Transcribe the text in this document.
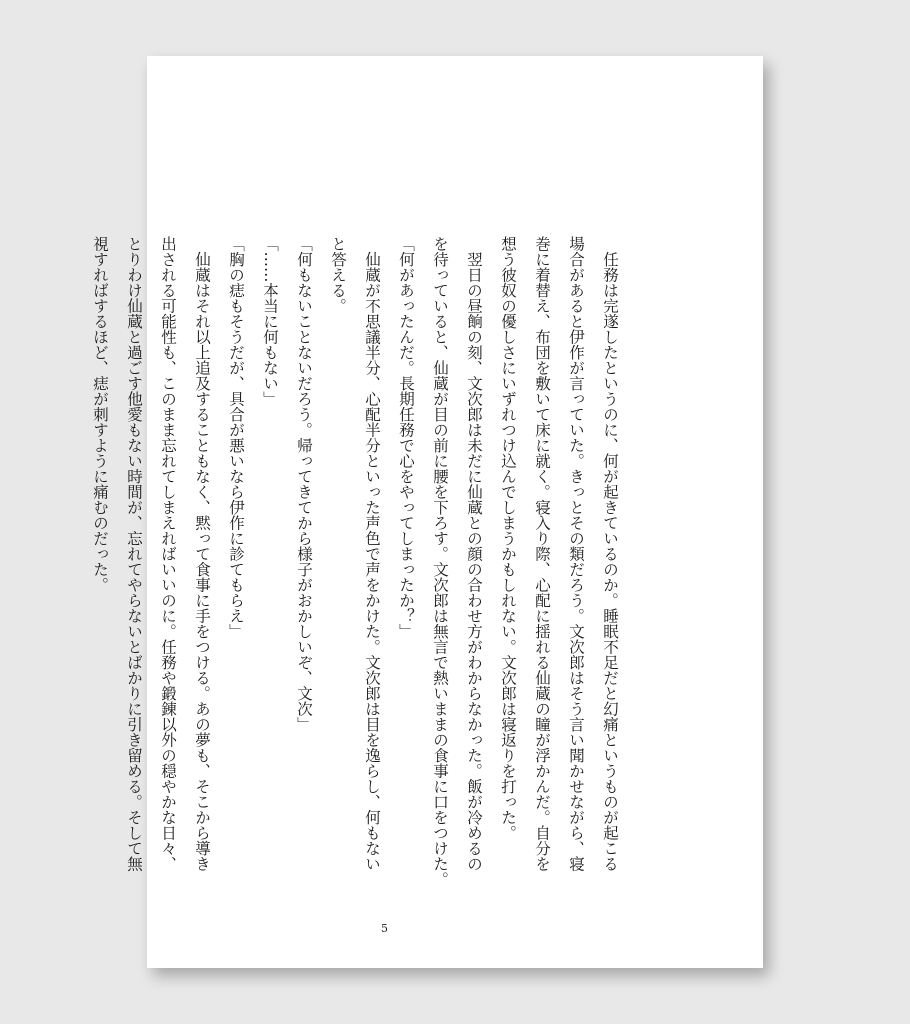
　任務は完遂したというのに、何が起きているのか。睡眠不足だと幻痛というものが起こる
場合があると伊作が言っていた。きっとその類だろう。文次郎はそう言い聞かせながら、寝
巻に着替え、布団を敷いて床に就く。寝入り際、心配に揺れる仙蔵の瞳が浮かんだ。自分を
想う彼奴の優しさにいずれつけ込んでしまうかもしれない。文次郎は寝返りを打った。
　翌日の昼餉の刻、文次郎は未だに仙蔵との顔の合わせ方がわからなかった。飯が冷めるの
を待っていると、仙蔵が目の前に腰を下ろす。文次郎は無言で熱いままの食事に口をつけた。
「何があったんだ。長期任務で心をやってしまったか？」
　仙蔵が不思議半分、心配半分といった声色で声をかけた。文次郎は目を逸らし、何もない
と答える。
「何もないことないだろう。帰ってきてから様子がおかしいぞ、文次」
「……本当に何もない」
「胸の痣もそうだが、具合が悪いなら伊作に診てもらえ」
　仙蔵はそれ以上追及することもなく、黙って食事に手をつける。あの夢も、そこから導き
出される可能性も、このまま忘れてしまえればいいのに。任務や鍛錬以外の穏やかな日々、
とりわけ仙蔵と過ごす他愛もない時間が、忘れてやらないとばかりに引き留める。そして無
視すればするほど、痣が刺すように痛むのだった。
5
